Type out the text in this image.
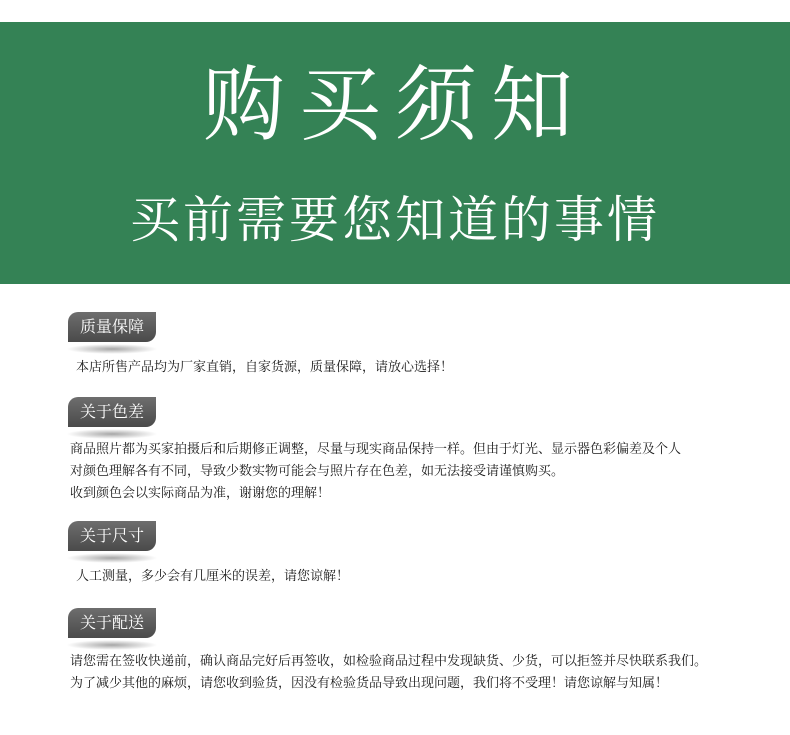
购买须知
买前需要您知道的事情
质量保障
本店所售产品均为厂家直销，自家货源，质量保障，请放心选择！
关于色差
商品照片都为买家拍摄后和后期修正调整，尽量与现实商品保持一样。但由于灯光、显示器色彩偏差及个人
对颜色理解各有不同，导致少数实物可能会与照片存在色差，如无法接受请谨慎购买。
收到颜色会以实际商品为准，谢谢您的理解！
关于尺寸
人工测量，多少会有几厘米的误差，请您谅解！
关于配送
请您需在签收快递前，确认商品完好后再签收，如检验商品过程中发现缺货、少货，可以拒签并尽快联系我们。
为了减少其他的麻烦，请您收到验货，因没有检验货品导致出现问题，我们将不受理！请您谅解与知属！
